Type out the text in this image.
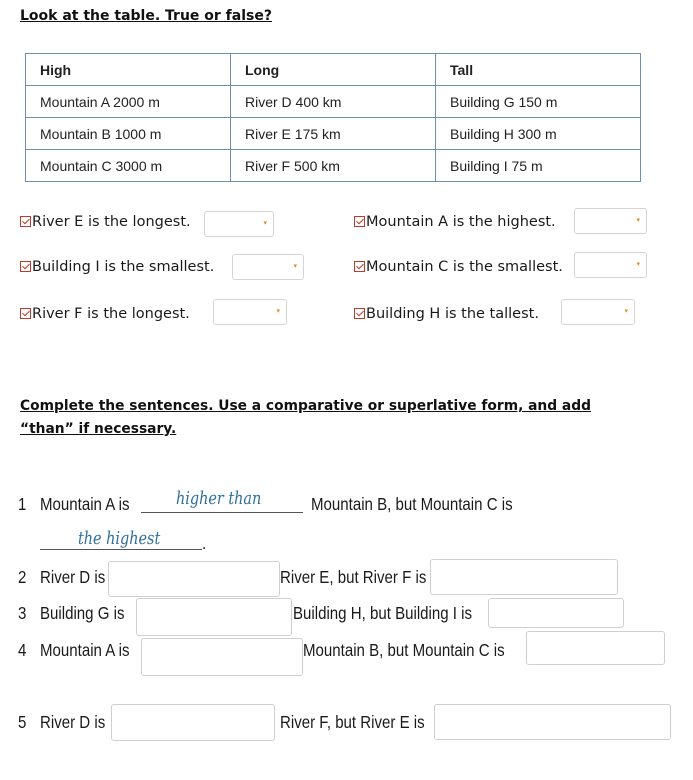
Look at the table. True or false?
High	Long	Tall
Mountain A 2000 m	River D 400 km	Building G 150 m
Mountain B 1000 m	River E 175 km	Building H 300 m
Mountain C 3000 m	River F 500 km	Building I 75 m
River E is the longest.	▾	Mountain A is the highest.	▾
Building I is the smallest.	▾	Mountain C is the smallest.	▾
River F is the longest.	▾	Building H is the tallest.	▾
Complete the sentences. Use a comparative or superlative form, and add
“than” if necessary.
1 Mountain A is	higher than	Mountain B, but Mountain C is
the highest .
2 River D is	River E, but River F is
3 Building G is	Building H, but Building I is
4 Mountain A is	Mountain B, but Mountain C is
5 River D is	River F, but River E is
